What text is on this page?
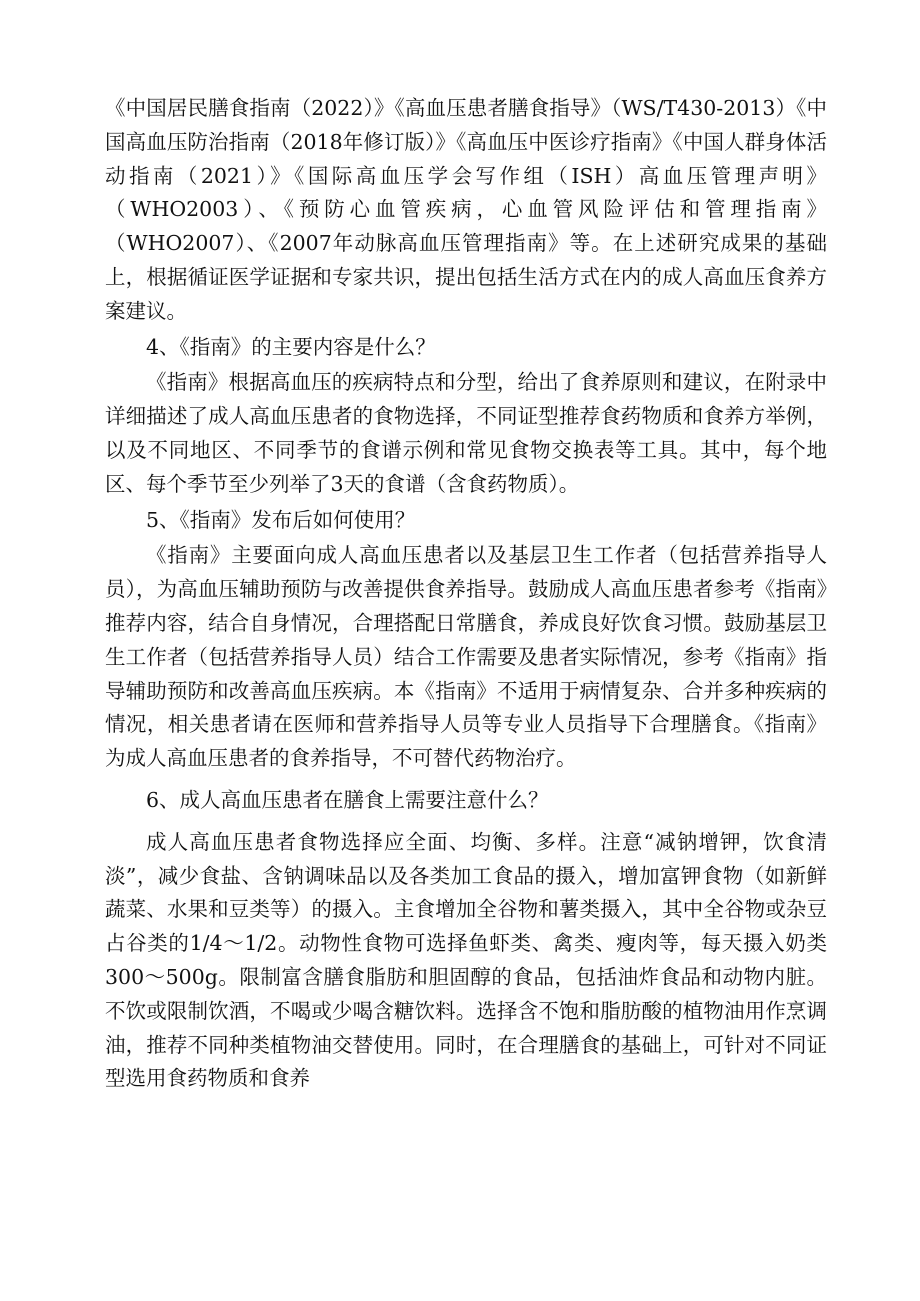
《中国居民膳食指南（2022）》《高血压患者膳食指导》（WS/T430-2013）《中国高血压防治指南（2018年修订版）》《高血压中医诊疗指南》《中国人群身体活动指南（2021）》《国际高血压学会写作组（ISH）高血压管理声明》（WHO2003）、《预防心血管疾病，心血管风险评估和管理指南》（WHO2007）、《2007年动脉高血压管理指南》等。在上述研究成果的基础上，根据循证医学证据和专家共识，提出包括生活方式在内的成人高血压食养方案建议。

4、《指南》的主要内容是什么？

《指南》根据高血压的疾病特点和分型，给出了食养原则和建议，在附录中详细描述了成人高血压患者的食物选择，不同证型推荐食药物质和食养方举例，以及不同地区、不同季节的食谱示例和常见食物交换表等工具。其中，每个地区、每个季节至少列举了3天的食谱（含食药物质）。

5、《指南》发布后如何使用？

《指南》主要面向成人高血压患者以及基层卫生工作者（包括营养指导人员），为高血压辅助预防与改善提供食养指导。鼓励成人高血压患者参考《指南》推荐内容，结合自身情况，合理搭配日常膳食，养成良好饮食习惯。鼓励基层卫生工作者（包括营养指导人员）结合工作需要及患者实际情况，参考《指南》指导辅助预防和改善高血压疾病。本《指南》不适用于病情复杂、合并多种疾病的情况，相关患者请在医师和营养指导人员等专业人员指导下合理膳食。《指南》为成人高血压患者的食养指导，不可替代药物治疗。

6、成人高血压患者在膳食上需要注意什么？

成人高血压患者食物选择应全面、均衡、多样。注意“减钠增钾，饮食清淡”，减少食盐、含钠调味品以及各类加工食品的摄入，增加富钾食物（如新鲜蔬菜、水果和豆类等）的摄入。主食增加全谷物和薯类摄入，其中全谷物或杂豆占谷类的1/4～1/2。动物性食物可选择鱼虾类、禽类、瘦肉等，每天摄入奶类300～500g。限制富含膳食脂肪和胆固醇的食品，包括油炸食品和动物内脏。不饮或限制饮酒，不喝或少喝含糖饮料。选择含不饱和脂肪酸的植物油用作烹调油，推荐不同种类植物油交替使用。同时，在合理膳食的基础上，可针对不同证型选用食药物质和食养
